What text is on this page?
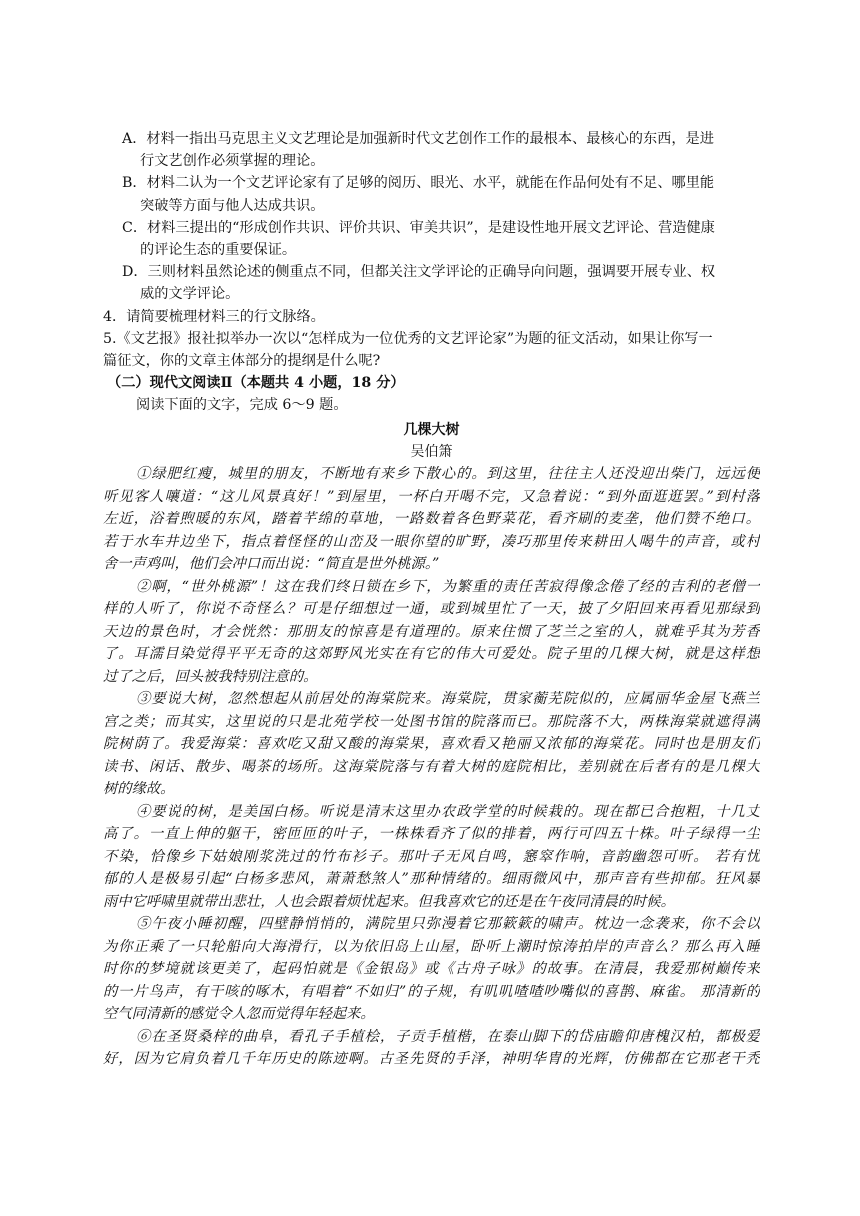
A．材料一指出马克思主义文艺理论是加强新时代文艺创作工作的最根本、最核心的东西，是进

行文艺创作必须掌握的理论。

B．材料二认为一个文艺评论家有了足够的阅历、眼光、水平，就能在作品何处有不足、哪里能

突破等方面与他人达成共识。

C．材料三提出的“形成创作共识、评价共识、审美共识”，是建设性地开展文艺评论、营造健康

的评论生态的重要保证。

D．三则材料虽然论述的侧重点不同，但都关注文学评论的正确导向问题，强调要开展专业、权

威的文学评论。

4．请简要梳理材料三的行文脉络。

5.《文艺报》报社拟举办一次以“怎样成为一位优秀的文艺评论家”为题的征文活动，如果让你写一

篇征文，你的文章主体部分的提纲是什么呢?

（二）现代文阅读Ⅱ（本题共 4 小题，18 分）

阅读下面的文字，完成 6～9 题。

几棵大树

吴伯箫

①绿肥红瘦，城里的朋友，不断地有来乡下散心的。到这里，往往主人还没迎出柴门，远远便

听见客人嚷道：“这儿风景真好！”到屋里，一杯白开喝不完，又急着说：“到外面逛逛罢。”到村落

左近，浴着煦暖的东风，踏着芊绵的草地，一路数着各色野菜花，看齐刷的麦垄，他们赞不绝口。

若于水车井边坐下，指点着怪怪的山峦及一眼你望的旷野，凑巧那里传来耕田人喝牛的声音，或村

舍一声鸡叫，他们会冲口而出说：“简直是世外桃源。”

②啊，“世外桃源”！这在我们终日锁在乡下，为繁重的责任苦寂得像念倦了经的吉利的老僧一

样的人听了，你说不奇怪么？可是仔细想过一通，或到城里忙了一天，披了夕阳回来再看见那绿到

天边的景色时，才会恍然：那朋友的惊喜是有道理的。原来住惯了芝兰之室的人，就难乎其为芳香

了。耳濡目染觉得平平无奇的这郊野风光实在有它的伟大可爱处。院子里的几棵大树，就是这样想

过了之后，回头被我特别注意的。

③要说大树，忽然想起从前居处的海棠院来。海棠院，贯家蘅芜院似的，应属丽华金屋飞燕兰

宫之类；而其实，这里说的只是北苑学校一处图书馆的院落而已。那院落不大，两株海棠就遮得满

院树荫了。我爱海棠：喜欢吃又甜又酸的海棠果，喜欢看又艳丽又浓郁的海棠花。同时也是朋友们

读书、闲话、散步、喝茶的场所。这海棠院落与有着大树的庭院相比，差别就在后者有的是几棵大

树的缘故。

④要说的树，是美国白杨。听说是清末这里办农政学堂的时候栽的。现在都已合抱粗，十几丈

高了。一直上伸的躯干，密匝匝的叶子，一株株看齐了似的排着，两行可四五十株。叶子绿得一尘

不染，恰像乡下姑娘刚浆洗过的竹布衫子。那叶子无风自鸣，窸窣作响，音韵幽怨可听。 若有忧

郁的人是极易引起“白杨多悲风，萧萧愁煞人”那种情绪的。细雨微风中，那声音有些抑郁。狂风暴

雨中它呼啸里就带出悲壮，人也会跟着烦忧起来。但我喜欢它的还是在午夜同清晨的时候。

⑤午夜小睡初醒，四壁静悄悄的，满院里只弥漫着它那簌簌的啸声。枕边一念袭来，你不会以

为你正乘了一只轮船向大海滑行，以为依旧岛上山屋，卧听上潮时惊涛拍岸的声音么？那么再入睡

时你的梦境就该更美了，起码怕就是《金银岛》或《古舟子咏》的故事。在清晨，我爱那树巅传来

的一片鸟声，有干咳的啄木，有唱着“不如归”的子规，有叽叽喳喳吵嘴似的喜鹊、麻雀。 那清新的

空气同清新的感觉令人忽而觉得年轻起来。

⑥在圣贤桑梓的曲阜，看孔子手植桧，子贡手植楷，在泰山脚下的岱庙瞻仰唐槐汉柏，都极爱

好，因为它肩负着几千年历史的陈迹啊。古圣先贤的手泽，神明华胄的光辉，仿佛都在它那老干秃
